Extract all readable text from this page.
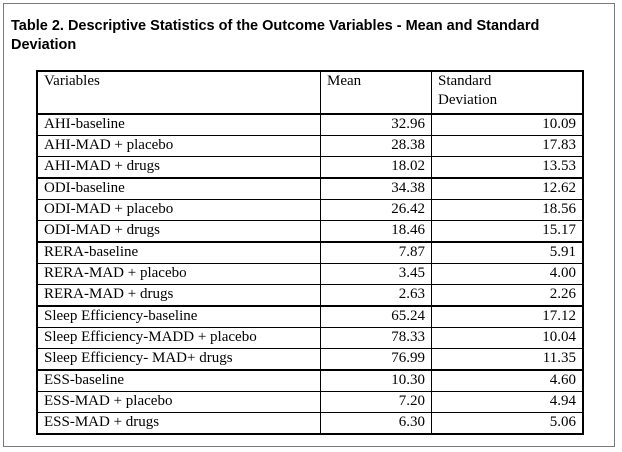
Table 2. Descriptive Statistics of the Outcome Variables - Mean and Standard Deviation
Variables	Mean	Standard
Deviation
AHI-baseline	32.96	10.09
AHI-MAD + placebo	28.38	17.83
AHI-MAD + drugs	18.02	13.53
ODI-baseline	34.38	12.62
ODI-MAD + placebo	26.42	18.56
ODI-MAD + drugs	18.46	15.17
RERA-baseline	7.87	5.91
RERA-MAD + placebo	3.45	4.00
RERA-MAD + drugs	2.63	2.26
Sleep Efficiency-baseline	65.24	17.12
Sleep Efficiency-MADD + placebo	78.33	10.04
Sleep Efficiency- MAD+ drugs	76.99	11.35
ESS-baseline	10.30	4.60
ESS-MAD + placebo	7.20	4.94
ESS-MAD + drugs	6.30	5.06
